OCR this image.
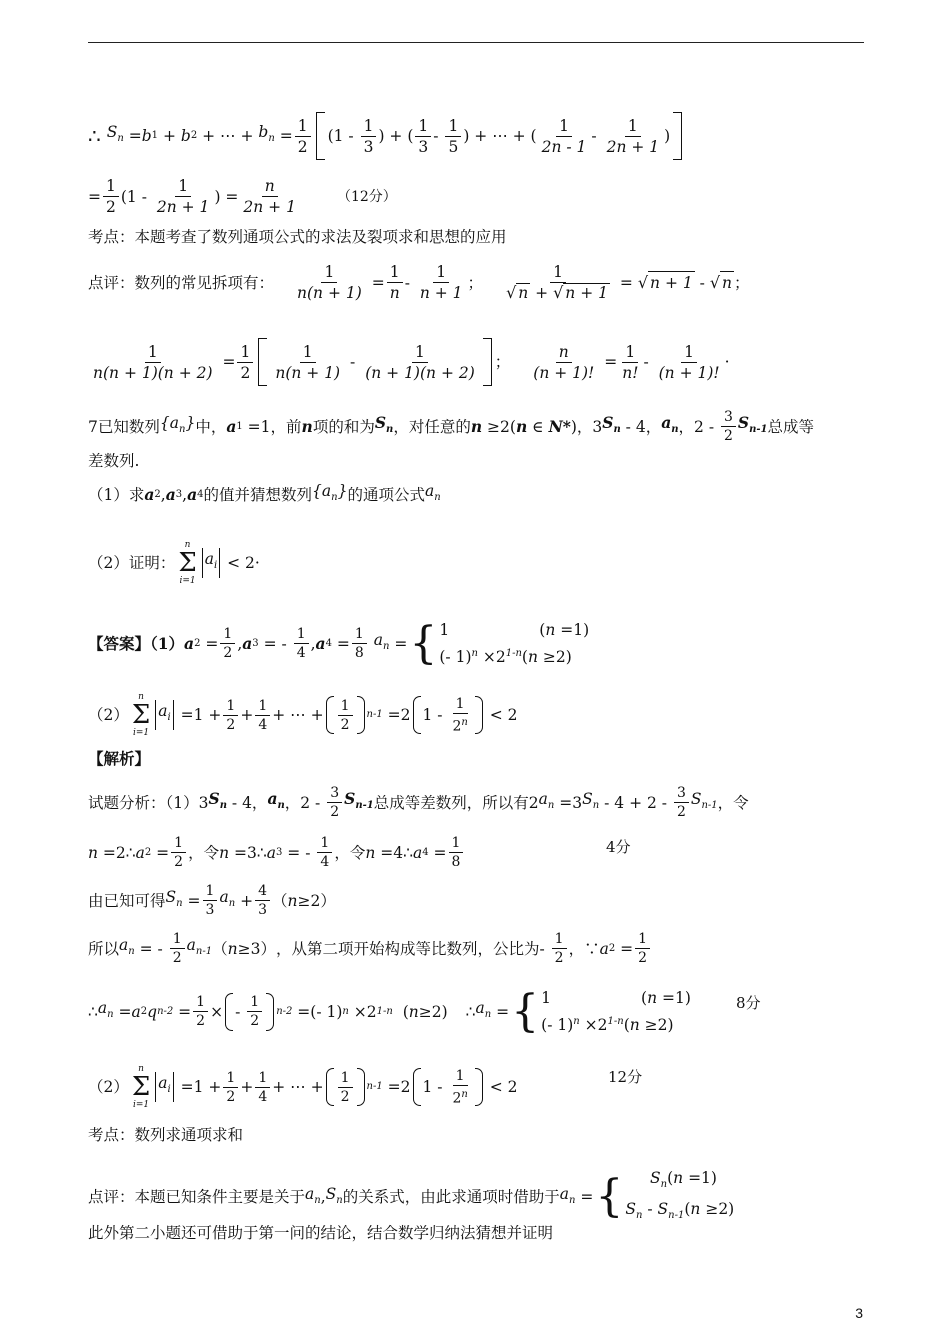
∴ $S_n = b$ 1 + b 2 + ⋯ + $b_n = \frac{1}{2} (1 - \frac{1}{3}$ ) + ( $\frac{1}{3} - \frac{1}{5}$ ) + ⋯ + ( $\frac{1}{2n - 1} - \frac{1}{2n + 1}$ )
= $\frac{1}{2} (1 - \frac{1}{2n + 1}$ ) = $\frac{n}{2n + 1}$	（12分）
考点：本题考查了数列通项公式的求法及裂项求和思想的应用
点评：数列的常见拆项有： $\frac{1}{n(n + 1)} = \frac{1}{n} - \frac{1}{n + 1}$ ； $\frac{1}{√ n + √ n + 1}$ = √ n + 1 - √ n ；
$\frac{1}{n(n + 1)(n + 2)} = \frac{1}{2} \frac{1}{n(n + 1)} - \frac{1}{(n + 1)(n + 2)}$ ； $\frac{n}{(n + 1)!} = \frac{1}{n!} - \frac{1}{(n + 1)!}$ ·
7已知数列 $\{a_n\}$ 中， a 1 =1 ，前 n 项的和为 $S_n$ ，对任意的 n ≥2( n ∈ N* )，3 $S_n - 4$， $a_n$ ，$2 - \frac{3}{2} S_{n-1}$ 总成等
差数列.
（1）求 a 2 , a 3 , a 4 的值并猜想数列 $\{a_n\}$ 的通项公式 $a_n$
（2）证明：
n
Σ
i=1
$a_i < 2\cdot$
【答案】（1） a $2 = \frac{1}{2}$ , a 3 = - $\frac{1}{4}$ , a $4 = \frac{1}{8}$
$a_n$ = { 1	(n =1)
(- $1)^n \times 2^{1-n}(n \ge 2)$
（2）
n
Σ
i=1
$a_i =1 + \frac{1}{2} + \frac{1}{4}$ + ⋯ + $\frac{1}{2} n-1 =2$ $1 - \frac{1}{2^n} < 2$
【解析】
试题分析：（1） 3 $S_n - 4$， $a_n$ ，$2 - \frac{3}{2} S_{n-1}$ 总成等差数列，所以有 2 $a_n =3$ $S_n - 4 + 2 - \frac{3}{2} S_{n-1}$ ，令
n =2∴ a $2 = \frac{1}{2}$ ， 令 n =3∴ a 3 = - $\frac{1}{4}$ ， 令 n =4∴ a $4 = \frac{1}{8}$	4分
由已知可得 $S_n = \frac{1}{3} a_n + \frac{4}{3}$ （ n ≥2）
所以 $a_n$ = - $\frac{1}{2} a_{n-1}$ （ n ≥3） ，从第二项开始构成等比数列，公比为 - $\frac{1}{2}$ ，∵ a $2 = \frac{1}{2}$
∴ $a_n = a$ 2 q $n-2 = \frac{1}{2}$ × - $\frac{1}{2} n-2$ =(- 1) n ×2 1-n ( n ≥2)
∴ $a_n$ = { 1	(n =1)
(- $1)^n \times 2^{1-n}(n \ge 2)$
8分
（2）
n
Σ
i=1
$a_i =1 + \frac{1}{2} + \frac{1}{4}$ + ⋯ + $\frac{1}{2} n-1 =2$ $1 - \frac{1}{2^n} < 2$
12分
考点：数列求通项求和
点评：本题已知条件主要是关于 $a_n$ , $S_n$ 的关系式，由此求通项时借助于 $a_n$ = {	$S_n(n =1)$
$S_n - S_{n-1}(n \ge 2)$
此外第二小题还可借助于第一问的结论，结合数学归纳法猜想并证明
3
